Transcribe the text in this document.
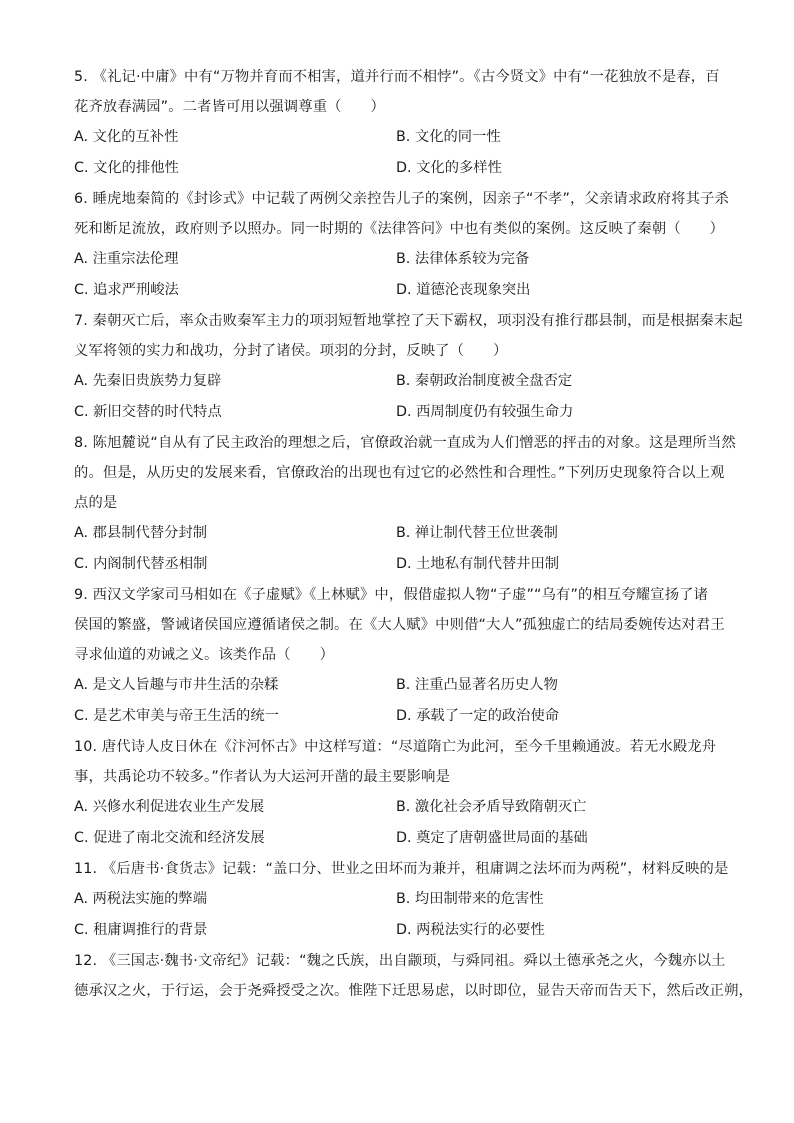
5. 《礼记·中庸》中有“万物并育而不相害，道并行而不相悖”。《古今贤文》中有“一花独放不是春，百
花齐放春满园”。二者皆可用以强调尊重（　　）
A. 文化的互补性	B. 文化的同一性
C. 文化的排他性	D. 文化的多样性
6. 睡虎地秦简的《封诊式》中记载了两例父亲控告儿子的案例，因亲子“不孝”，父亲请求政府将其子杀
死和断足流放，政府则予以照办。同一时期的《法律答问》中也有类似的案例。这反映了秦朝（　　）
A. 注重宗法伦理	B. 法律体系较为完备
C. 追求严刑峻法	D. 道德沦丧现象突出
7. 秦朝灭亡后，率众击败秦军主力的项羽短暂地掌控了天下霸权，项羽没有推行郡县制，而是根据秦末起
义军将领的实力和战功，分封了诸侯。项羽的分封，反映了（　　）
A. 先秦旧贵族势力复辟	B. 秦朝政治制度被全盘否定
C. 新旧交替的时代特点	D. 西周制度仍有较强生命力
8. 陈旭麓说“自从有了民主政治的理想之后，官僚政治就一直成为人们憎恶的抨击的对象。这是理所当然
的。但是，从历史的发展来看，官僚政治的出现也有过它的必然性和合理性。”下列历史现象符合以上观
点的是
A. 郡县制代替分封制	B. 禅让制代替王位世袭制
C. 内阁制代替丞相制	D. 土地私有制代替井田制
9. 西汉文学家司马相如在《子虚赋》《上林赋》中，假借虚拟人物“子虚”“乌有”的相互夸耀宣扬了诸
侯国的繁盛，警诫诸侯国应遵循诸侯之制。在《大人赋》中则借“大人”孤独虚亡的结局委婉传达对君王
寻求仙道的劝诫之义。该类作品（　　）
A. 是文人旨趣与市井生活的杂糅	B. 注重凸显著名历史人物
C. 是艺术审美与帝王生活的统一	D. 承载了一定的政治使命
10. 唐代诗人皮日休在《汴河怀古》中这样写道：“尽道隋亡为此河，至今千里赖通波。若无水殿龙舟
事，共禹论功不较多。”作者认为大运河开凿的最主要影响是
A. 兴修水利促进农业生产发展	B. 激化社会矛盾导致隋朝灭亡
C. 促进了南北交流和经济发展	D. 奠定了唐朝盛世局面的基础
11. 《后唐书·食货志》记载：“盖口分、世业之田坏而为兼并，租庸调之法坏而为两税”，材料反映的是
A. 两税法实施的弊端	B. 均田制带来的危害性
C. 租庸调推行的背景	D. 两税法实行的必要性
12. 《三国志·魏书·文帝纪》记载：“魏之氏族，出自颛顼，与舜同祖。舜以土德承尧之火，今魏亦以土
德承汉之火，于行运，会于尧舜授受之次。惟陛下迁思易虑，以时即位，显告天帝而告天下，然后改正朔，
